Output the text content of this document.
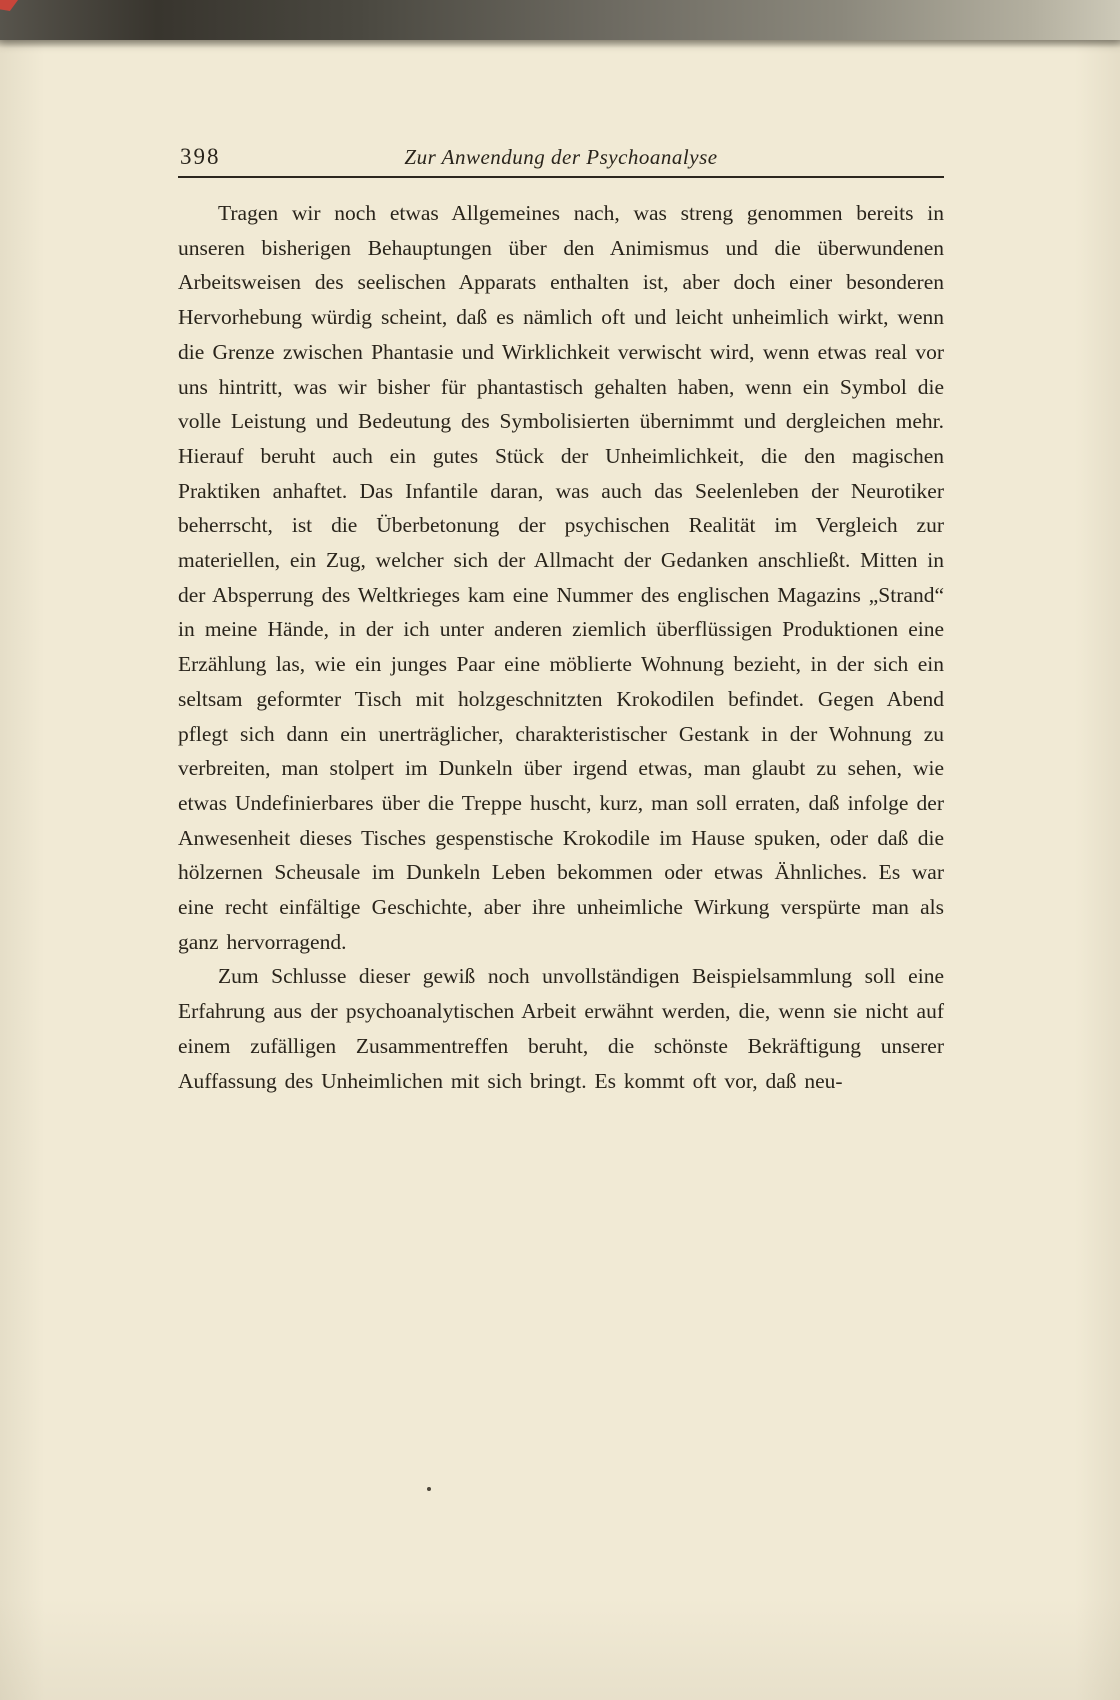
398	Zur Anwendung der Psychoanalyse

Tragen wir noch etwas Allgemeines nach, was streng genommen bereits in unseren bisherigen Behauptungen über den Animismus und die überwundenen Arbeitsweisen des seelischen Apparats enthalten ist, aber doch einer besonderen Hervorhebung würdig scheint, daß es nämlich oft und leicht unheimlich wirkt, wenn die Grenze zwischen Phantasie und Wirklichkeit verwischt wird, wenn etwas real vor uns hintritt, was wir bisher für phantastisch gehalten haben, wenn ein Symbol die volle Leistung und Bedeutung des Symbolisierten übernimmt und dergleichen mehr. Hierauf beruht auch ein gutes Stück der Unheimlichkeit, die den magischen Praktiken anhaftet. Das Infantile daran, was auch das Seelenleben der Neurotiker beherrscht, ist die Überbetonung der psychischen Realität im Vergleich zur materiellen, ein Zug, welcher sich der Allmacht der Gedanken anschließt. Mitten in der Absperrung des Weltkrieges kam eine Nummer des englischen Magazins „Strand“ in meine Hände, in der ich unter anderen ziemlich überflüssigen Produktionen eine Erzählung las, wie ein junges Paar eine möblierte Wohnung bezieht, in der sich ein seltsam geformter Tisch mit holzgeschnitzten Krokodilen befindet. Gegen Abend pflegt sich dann ein unerträglicher, charakteristischer Gestank in der Wohnung zu verbreiten, man stolpert im Dunkeln über irgend etwas, man glaubt zu sehen, wie etwas Undefinierbares über die Treppe huscht, kurz, man soll erraten, daß infolge der Anwesenheit dieses Tisches gespenstische Krokodile im Hause spuken, oder daß die hölzernen Scheusale im Dunkeln Leben bekommen oder etwas Ähnliches. Es war eine recht einfältige Geschichte, aber ihre unheimliche Wirkung verspürte man als ganz hervorragend.

Zum Schlusse dieser gewiß noch unvollständigen Beispielsammlung soll eine Erfahrung aus der psychoanalytischen Arbeit erwähnt werden, die, wenn sie nicht auf einem zufälligen Zusammentreffen beruht, die schönste Bekräftigung unserer Auffassung des Unheimlichen mit sich bringt. Es kommt oft vor, daß neu-
